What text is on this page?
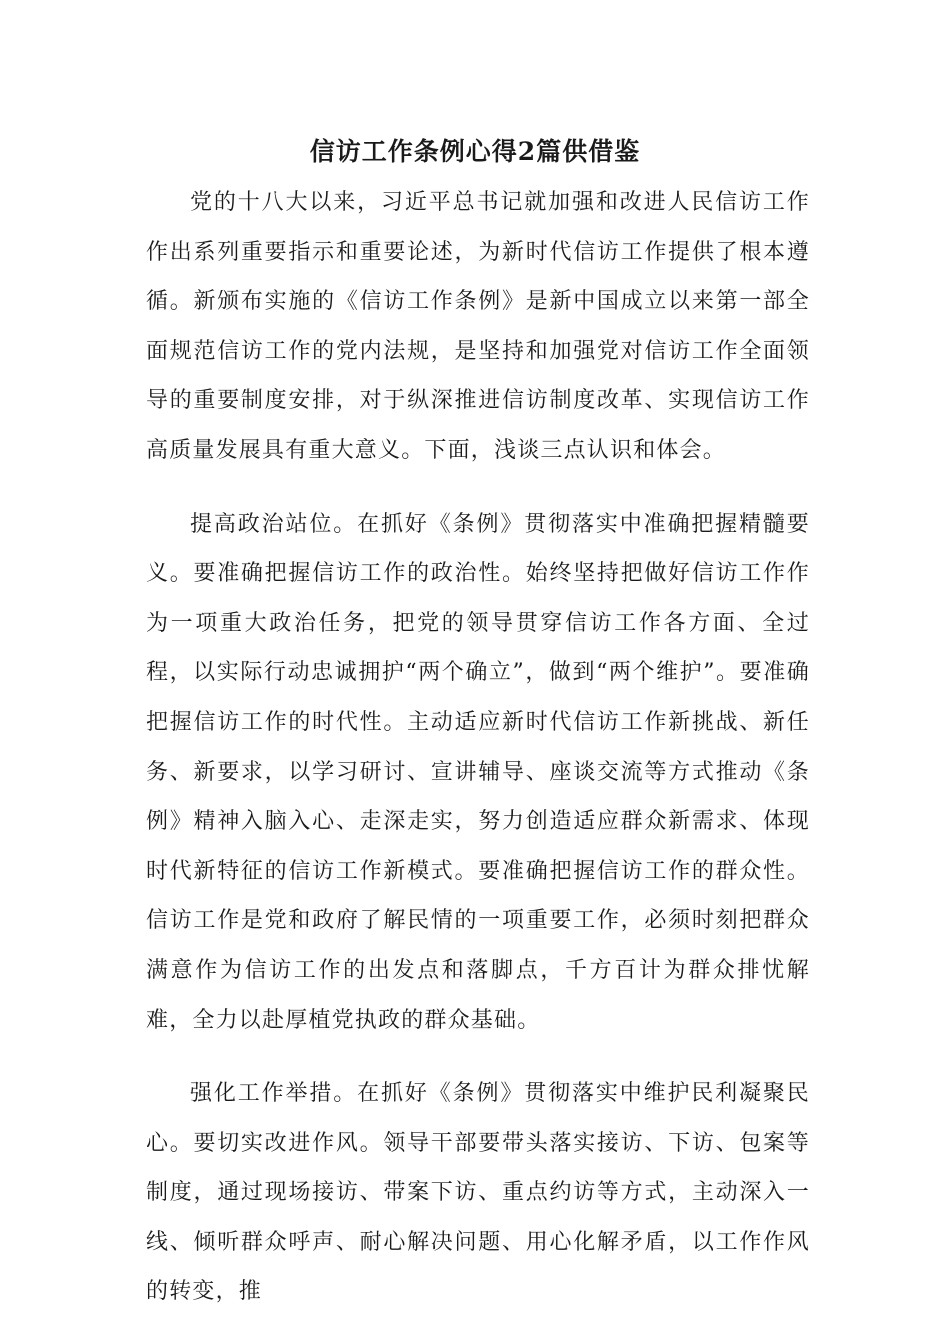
信访工作条例心得2篇供借鉴

党的十八大以来，习近平总书记就加强和改进人民信访工作作出系列重要指示和重要论述，为新时代信访工作提供了根本遵循。新颁布实施的《信访工作条例》是新中国成立以来第一部全面规范信访工作的党内法规，是坚持和加强党对信访工作全面领导的重要制度安排，对于纵深推进信访制度改革、实现信访工作高质量发展具有重大意义。下面，浅谈三点认识和体会。

提高政治站位。在抓好《条例》贯彻落实中准确把握精髓要义。要准确把握信访工作的政治性。始终坚持把做好信访工作作为一项重大政治任务，把党的领导贯穿信访工作各方面、全过程，以实际行动忠诚拥护“两个确立”，做到“两个维护”。要准确把握信访工作的时代性。主动适应新时代信访工作新挑战、新任务、新要求，以学习研讨、宣讲辅导、座谈交流等方式推动《条例》精神入脑入心、走深走实，努力创造适应群众新需求、体现时代新特征的信访工作新模式。要准确把握信访工作的群众性。信访工作是党和政府了解民情的一项重要工作，必须时刻把群众满意作为信访工作的出发点和落脚点，千方百计为群众排忧解难，全力以赴厚植党执政的群众基础。

强化工作举措。在抓好《条例》贯彻落实中维护民利凝聚民心。要切实改进作风。领导干部要带头落实接访、下访、包案等制度，通过现场接访、带案下访、重点约访等方式，主动深入一线、倾听群众呼声、耐心解决问题、用心化解矛盾，以工作作风的转变，推
